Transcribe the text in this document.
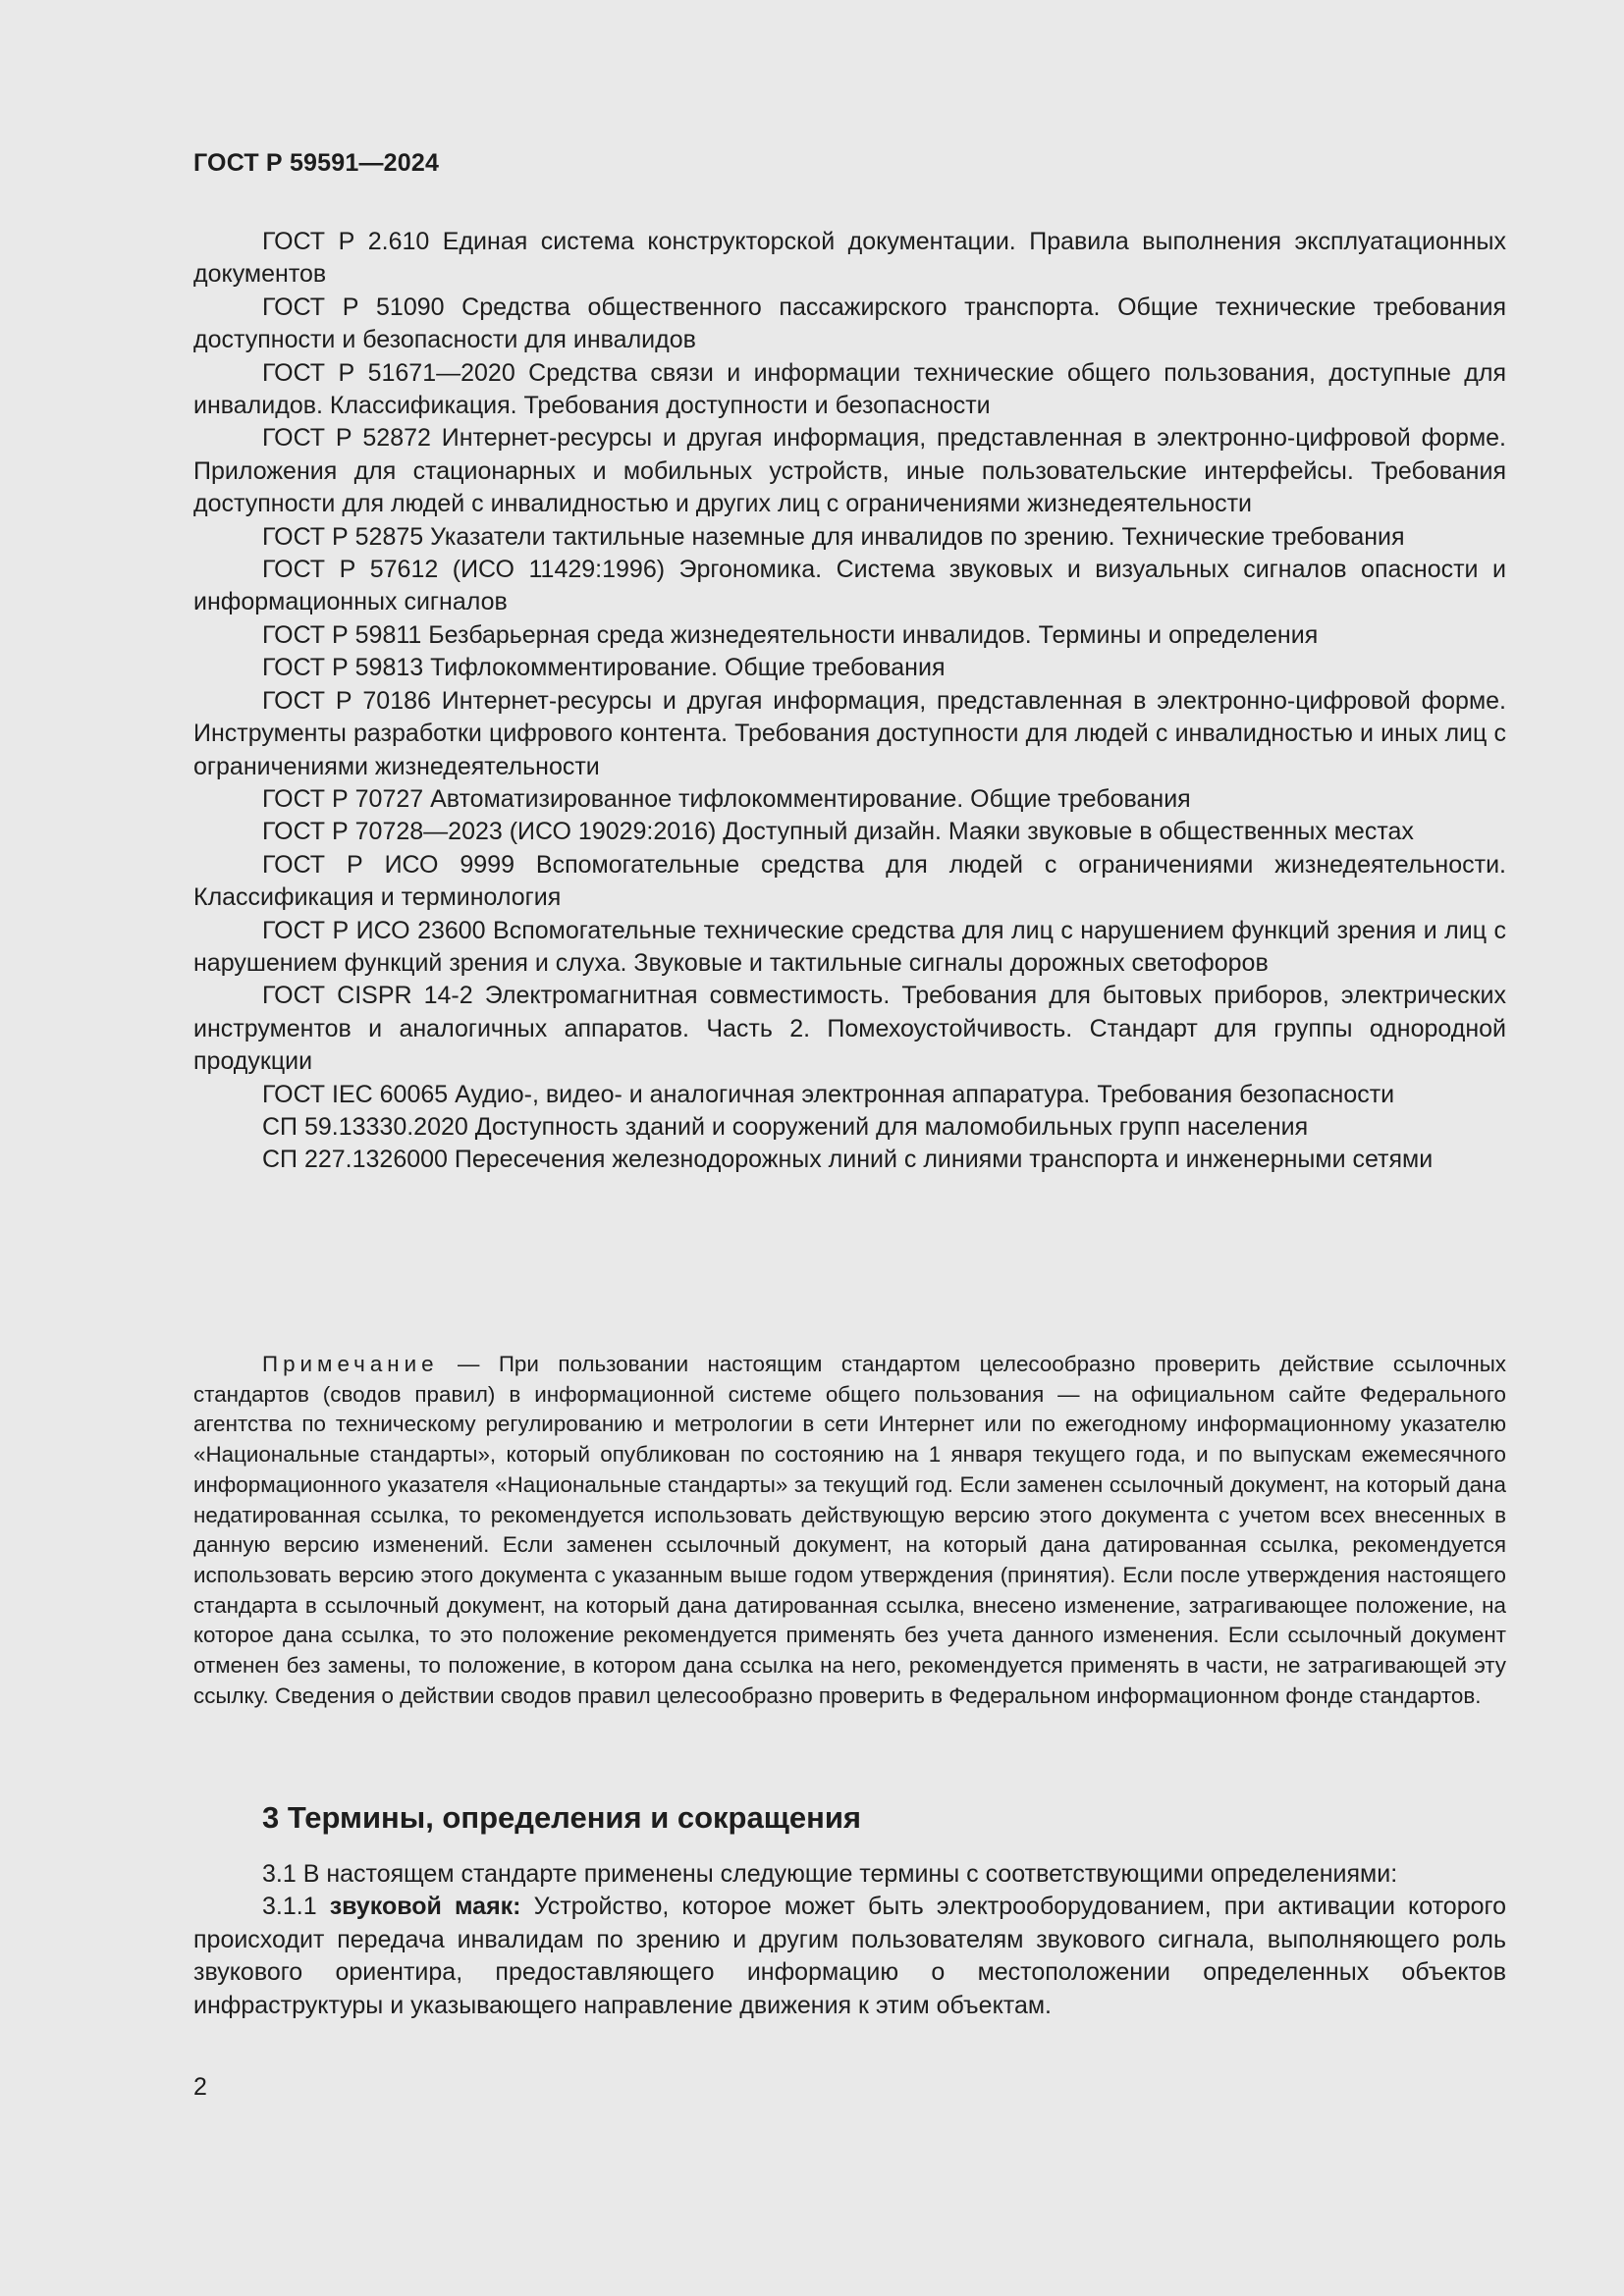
ГОСТ Р 59591—2024

ГОСТ Р 2.610 Единая система конструкторской документации. Правила выполнения эксплуатационных документов

ГОСТ Р 51090 Средства общественного пассажирского транспорта. Общие технические требования доступности и безопасности для инвалидов

ГОСТ Р 51671—2020 Средства связи и информации технические общего пользования, доступные для инвалидов. Классификация. Требования доступности и безопасности

ГОСТ Р 52872 Интернет-ресурсы и другая информация, представленная в электронно-цифровой форме. Приложения для стационарных и мобильных устройств, иные пользовательские интерфейсы. Требования доступности для людей с инвалидностью и других лиц с ограничениями жизнедеятельности

ГОСТ Р 52875 Указатели тактильные наземные для инвалидов по зрению. Технические требования

ГОСТ Р 57612 (ИСО 11429:1996) Эргономика. Система звуковых и визуальных сигналов опасности и информационных сигналов

ГОСТ Р 59811 Безбарьерная среда жизнедеятельности инвалидов. Термины и определения

ГОСТ Р 59813 Тифлокомментирование. Общие требования

ГОСТ Р 70186 Интернет-ресурсы и другая информация, представленная в электронно-цифровой форме. Инструменты разработки цифрового контента. Требования доступности для людей с инвалидностью и иных лиц с ограничениями жизнедеятельности

ГОСТ Р 70727 Автоматизированное тифлокомментирование. Общие требования

ГОСТ Р 70728—2023 (ИСО 19029:2016) Доступный дизайн. Маяки звуковые в общественных местах

ГОСТ Р ИСО 9999 Вспомогательные средства для людей с ограничениями жизнедеятельности. Классификация и терминология

ГОСТ Р ИСО 23600 Вспомогательные технические средства для лиц с нарушением функций зрения и лиц с нарушением функций зрения и слуха. Звуковые и тактильные сигналы дорожных светофоров

ГОСТ CISPR 14-2 Электромагнитная совместимость. Требования для бытовых приборов, электрических инструментов и аналогичных аппаратов. Часть 2. Помехоустойчивость. Стандарт для группы однородной продукции

ГОСТ IEC 60065 Аудио-, видео- и аналогичная электронная аппаратура. Требования безопасности

СП 59.13330.2020 Доступность зданий и сооружений для маломобильных групп населения

СП 227.1326000 Пересечения железнодорожных линий с линиями транспорта и инженерными сетями

Примечание — При пользовании настоящим стандартом целесообразно проверить действие ссылочных стандартов (сводов правил) в информационной системе общего пользования — на официальном сайте Федерального агентства по техническому регулированию и метрологии в сети Интернет или по ежегодному информационному указателю «Национальные стандарты», который опубликован по состоянию на 1 января текущего года, и по выпускам ежемесячного информационного указателя «Национальные стандарты» за текущий год. Если заменен ссылочный документ, на который дана недатированная ссылка, то рекомендуется использовать действующую версию этого документа с учетом всех внесенных в данную версию изменений. Если заменен ссылочный документ, на который дана датированная ссылка, рекомендуется использовать версию этого документа с указанным выше годом утверждения (принятия). Если после утверждения настоящего стандарта в ссылочный документ, на который дана датированная ссылка, внесено изменение, затрагивающее положение, на которое дана ссылка, то это положение рекомендуется применять без учета данного изменения. Если ссылочный документ отменен без замены, то положение, в котором дана ссылка на него, рекомендуется применять в части, не затрагивающей эту ссылку. Сведения о действии сводов правил целесообразно проверить в Федеральном информационном фонде стандартов.

3 Термины, определения и сокращения

3.1 В настоящем стандарте применены следующие термины с соответствующими определениями:

3.1.1 звуковой маяк: Устройство, которое может быть электрооборудованием, при активации которого происходит передача инвалидам по зрению и другим пользователям звукового сигнала, выполняющего роль звукового ориентира, предоставляющего информацию о местоположении определенных объектов инфраструктуры и указывающего направление движения к этим объектам.

2
